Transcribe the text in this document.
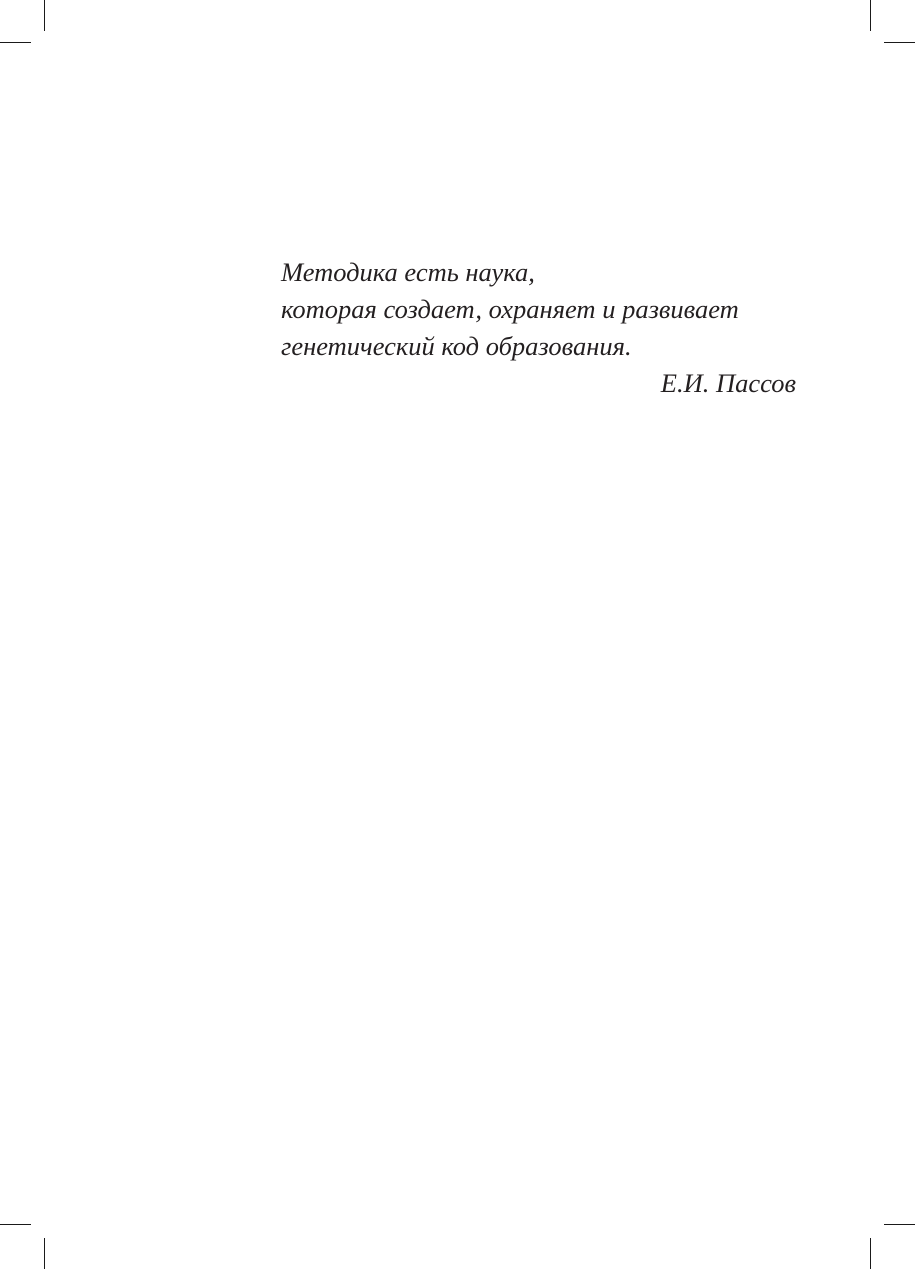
Методика есть наука,
которая создает, охраняет и развивает
генетический код образования.
Е.И. Пассов
